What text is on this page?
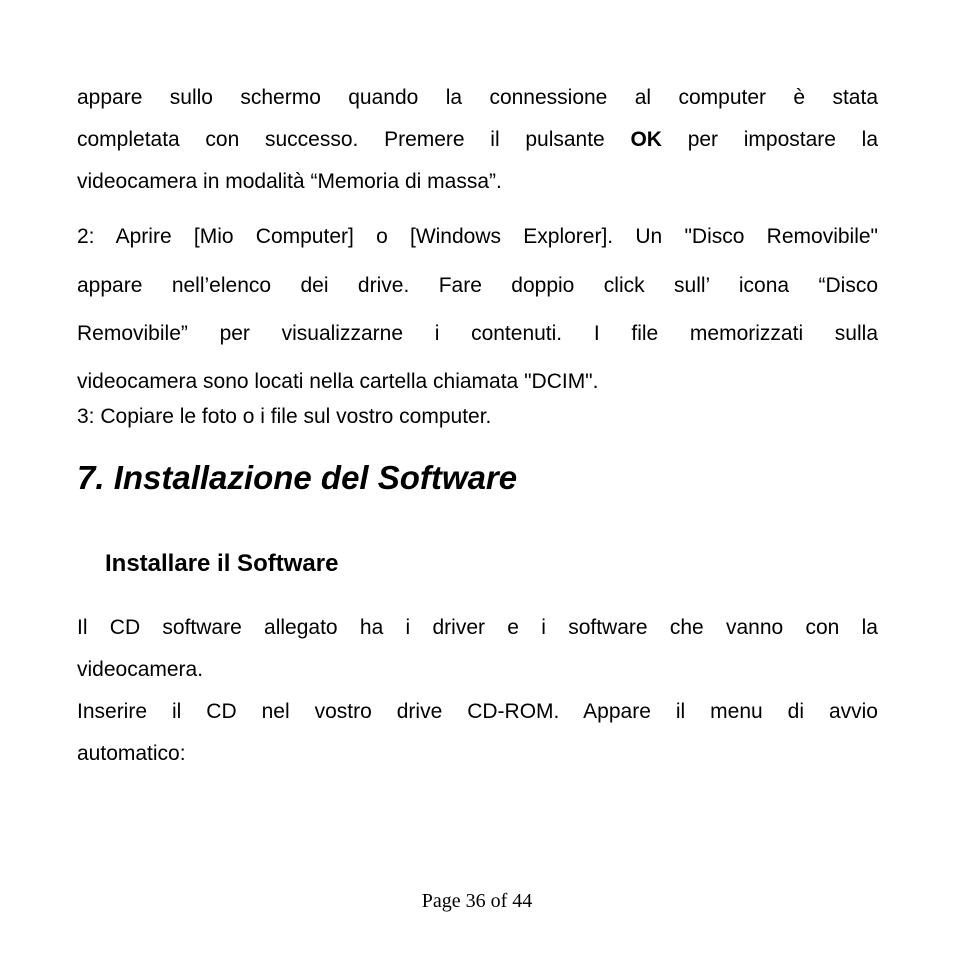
appare sullo schermo quando la connessione al computer è stata

completata con successo. Premere il pulsante OK per impostare la

videocamera in modalità “Memoria di massa”.

2: Aprire [Mio Computer] o [Windows Explorer]. Un "Disco Removibile"

appare nell’elenco dei drive. Fare doppio click sull’ icona “Disco

Removibile” per visualizzarne i contenuti. I file memorizzati sulla

videocamera sono locati nella cartella chiamata "DCIM".

3: Copiare le foto o i file sul vostro computer.

7. Installazione del Software
Installare il Software

Il CD software allegato ha i driver e i software che vanno con la

videocamera.

Inserire il CD nel vostro drive CD-ROM. Appare il menu di avvio

automatico:

Page 36 of 44
